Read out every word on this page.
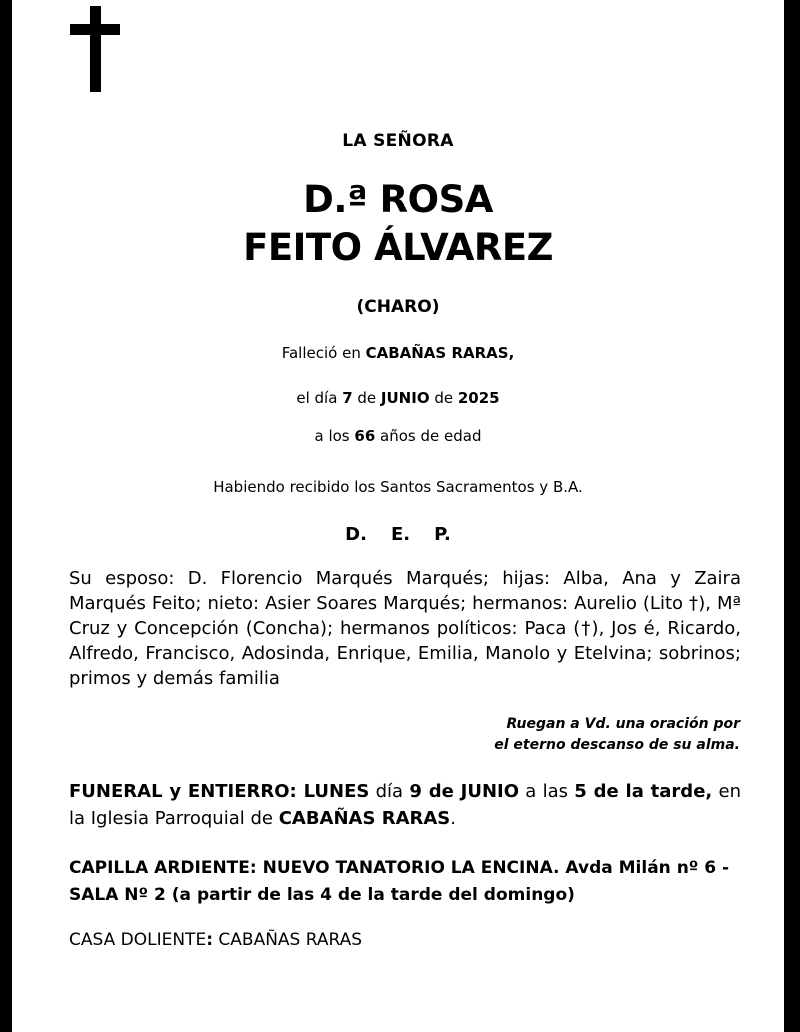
LA SEÑORA
D.ª ROSA
FEITO ÁLVAREZ
(CHARO)
Falleció en CABAÑAS RARAS,
el día 7 de JUNIO de 2025
a los 66 años de edad
Habiendo recibido los Santos Sacramentos y B.A.
D. E. P.
Su esposo: D. Florencio Marqués Marqués; hijas: Alba, Ana y Zaira Marqués Feito; nieto: Asier Soares Marqués; hermanos: Aurelio (Lito †), Mª Cruz y Concepción (Concha); hermanos políticos: Paca (†), Jos é, Ricardo, Alfredo, Francisco, Adosinda, Enrique, Emilia, Manolo y Etelvina; sobrinos; primos y demás familia
Ruegan a Vd. una oración por
el eterno descanso de su alma.
FUNERAL y ENTIERRO: LUNES día 9 de JUNIO a las 5 de la tarde, en la Iglesia Parroquial de CABAÑAS RARAS.
CAPILLA ARDIENTE: NUEVO TANATORIO LA ENCINA. Avda Milán nº 6 - SALA Nº 2 (a partir de las 4 de la tarde del domingo)
CASA DOLIENTE: CABAÑAS RARAS
